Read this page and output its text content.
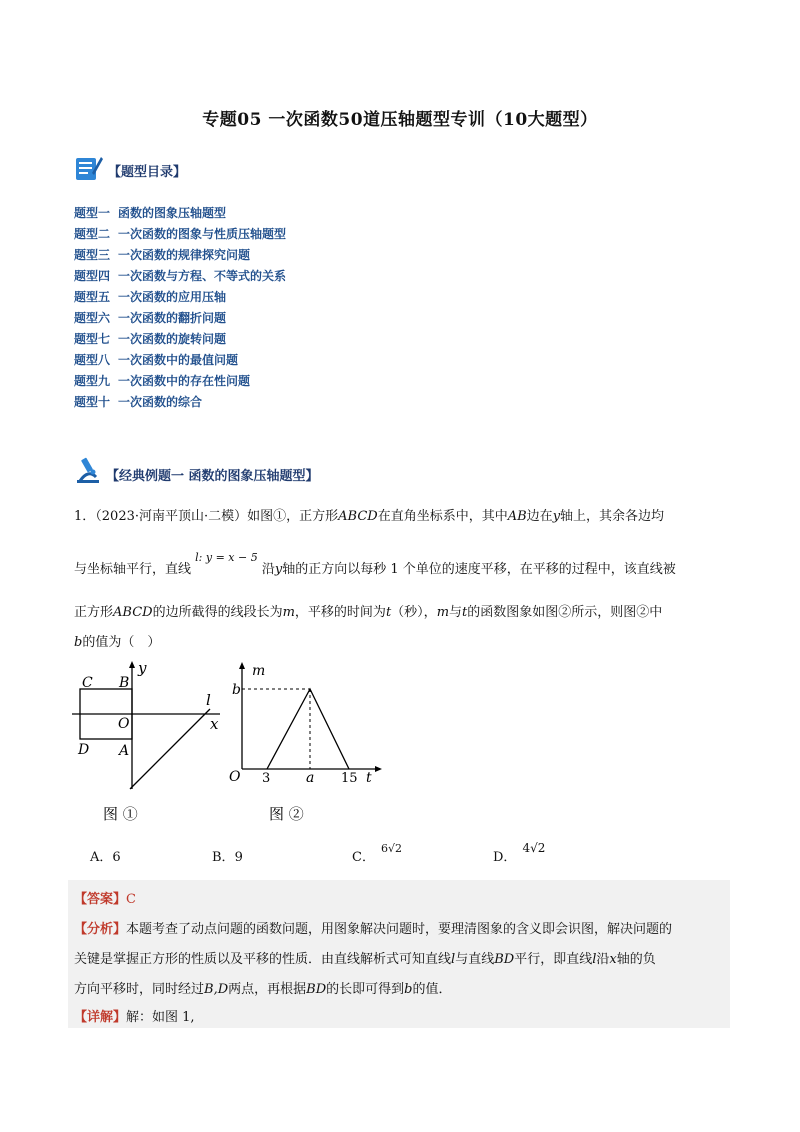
专题05 一次函数50道压轴题型专训（10大题型）
【题型目录】
题型一 函数的图象压轴题型
题型二 一次函数的图象与性质压轴题型
题型三 一次函数的规律探究问题
题型四 一次函数与方程、不等式的关系
题型五 一次函数的应用压轴
题型六 一次函数的翻折问题
题型七 一次函数的旋转问题
题型八 一次函数中的最值问题
题型九 一次函数中的存在性问题
题型十 一次函数的综合
【经典例题一 函数的图象压轴题型】
1．（2023·河南平顶山·二模）如图①，正方形ABCD在直角坐标系中，其中AB边在y轴上，其余各边均
与坐标轴平行，直线 $^{l: y = x - 5}$ 沿y轴的正方向以每秒 1 个单位的速度平移，在平移的过程中，该直线被
正方形ABCD的边所截得的线段长为m，平移的时间为t（秒），m与t的函数图象如图②所示，则图②中
b的值为（　）
C B
y
l
O	x
D A
图 ①
m
b
O 3	a 15 t
图 ②
A．6	B．9	C．$^{6√2}$
D．4√2
【答案】C
【分析】本题考查了动点问题的函数问题，用图象解决问题时，要理清图象的含义即会识图，解决问题的
关键是掌握正方形的性质以及平移的性质．由直线解析式可知直线l与直线BD平行，即直线l沿x轴的负
方向平移时，同时经过B,D两点，再根据BD的长即可得到b的值．
【详解】解：如图 1,
